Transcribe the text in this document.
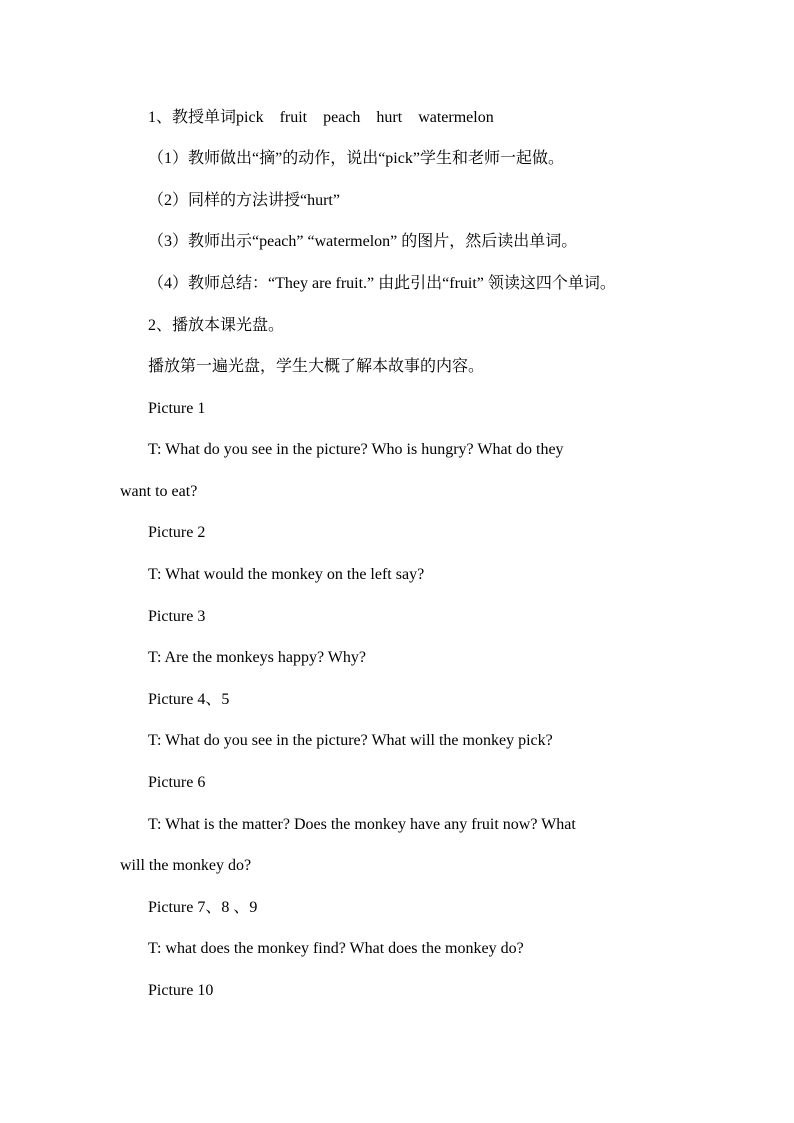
1、教授单词pick fruit peach hurt watermelon

（1）教师做出“摘”的动作，说出“pick”学生和老师一起做。

（2）同样的方法讲授“hurt”

（3）教师出示“peach” “watermelon” 的图片，然后读出单词。

（4）教师总结：“They are fruit.” 由此引出“fruit” 领读这四个单词。

2、播放本课光盘。

播放第一遍光盘，学生大概了解本故事的内容。

Picture 1

T: What do you see in the picture? Who is hungry? What do they

want to eat?

Picture 2

T: What would the monkey on the left say?

Picture 3

T: Are the monkeys happy? Why?

Picture 4、5

T: What do you see in the picture? What will the monkey pick?

Picture 6

T: What is the matter? Does the monkey have any fruit now? What

will the monkey do?

Picture 7、8 、9

T: what does the monkey find? What does the monkey do?

Picture 10
